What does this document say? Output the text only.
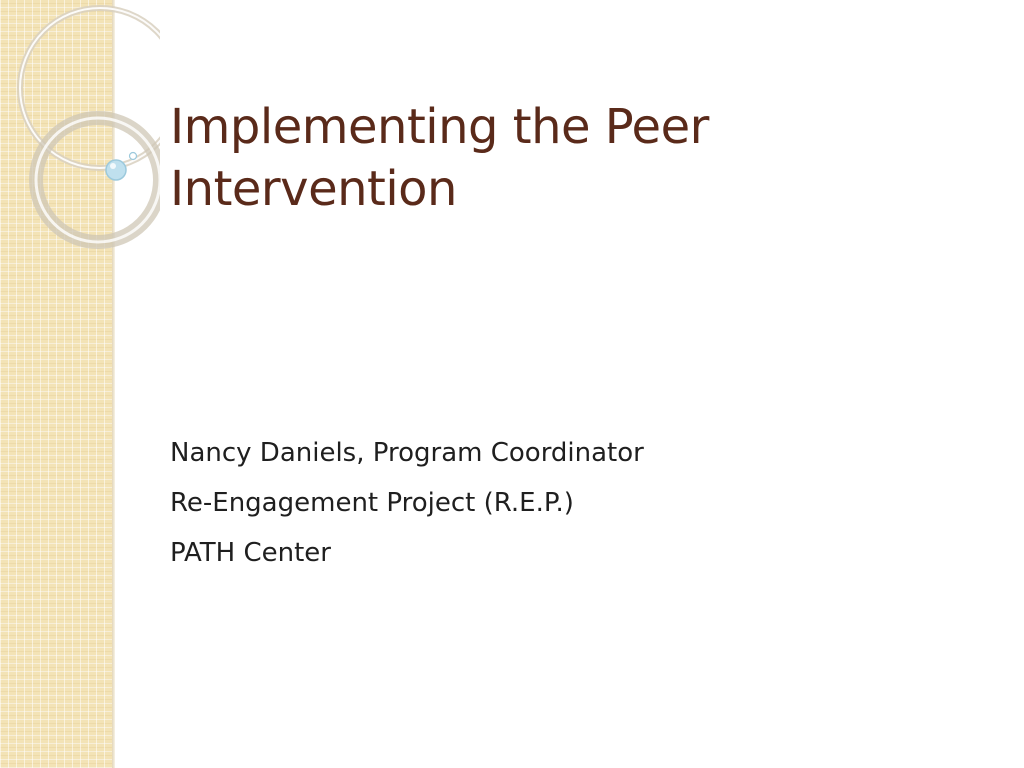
Implementing the Peer
Intervention
Nancy Daniels, Program Coordinator
Re-Engagement Project (R.E.P.)
PATH Center
